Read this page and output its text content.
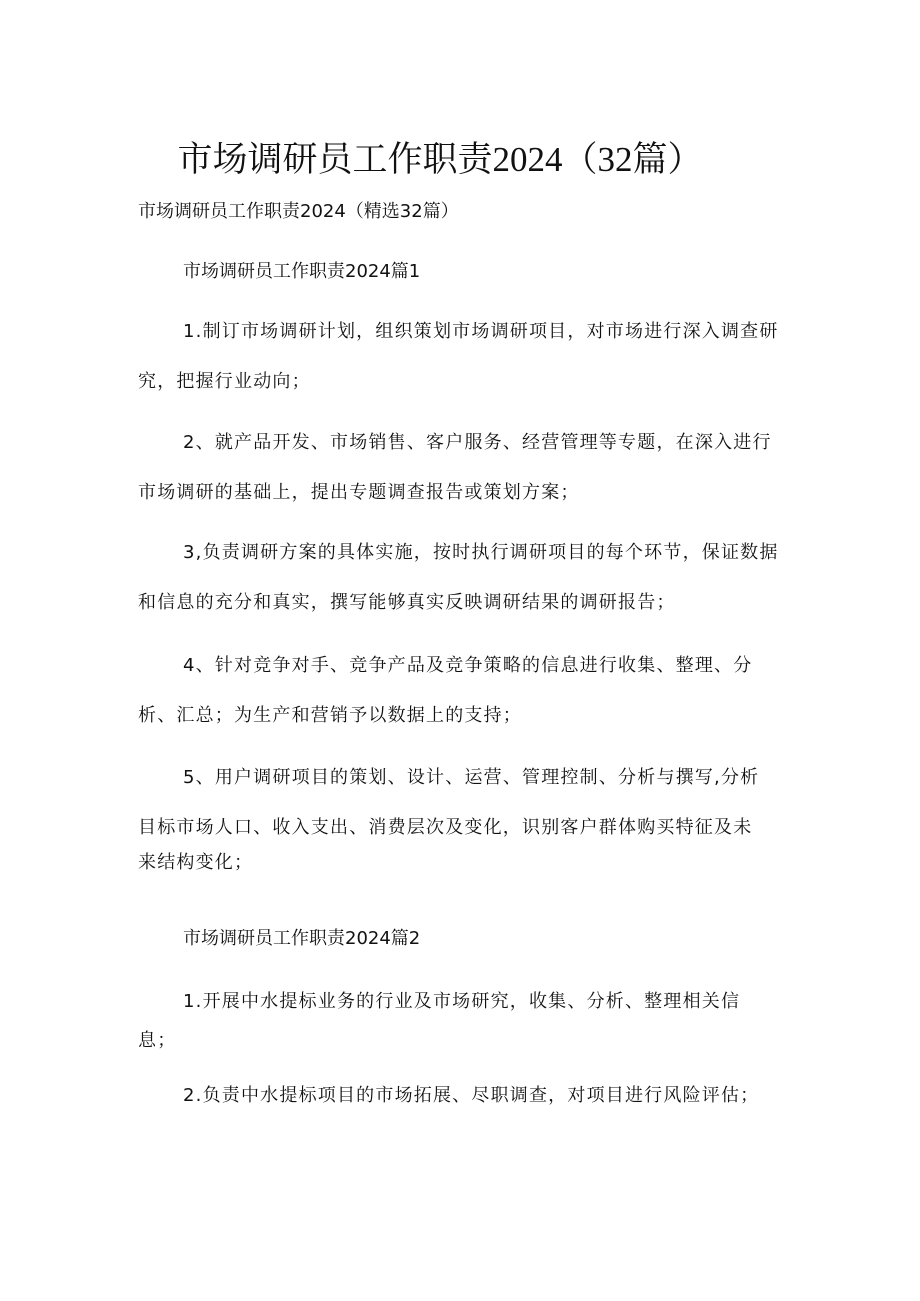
市场调研员工作职责2024（32篇）

市场调研员工作职责2024（精选32篇）

市场调研员工作职责2024篇1
1.制订市场调研计划，组织策划市场调研项目，对市场进行深入调查研
究，把握行业动向；
2、就产品开发、市场销售、客户服务、经营管理等专题，在深入进行
市场调研的基础上，提出专题调查报告或策划方案；
3,负责调研方案的具体实施，按时执行调研项目的每个环节，保证数据
和信息的充分和真实，撰写能够真实反映调研结果的调研报告；
4、针对竞争对手、竞争产品及竞争策略的信息进行收集、整理、分
析、汇总；为生产和营销予以数据上的支持；
5、用户调研项目的策划、设计、运营、管理控制、分析与撰写,分析
目标市场人口、收入支出、消费层次及变化，识别客户群体购买特征及未
来结构变化；
市场调研员工作职责2024篇2
1.开展中水提标业务的行业及市场研究，收集、分析、整理相关信
息；
2.负责中水提标项目的市场拓展、尽职调查，对项目进行风险评估；
